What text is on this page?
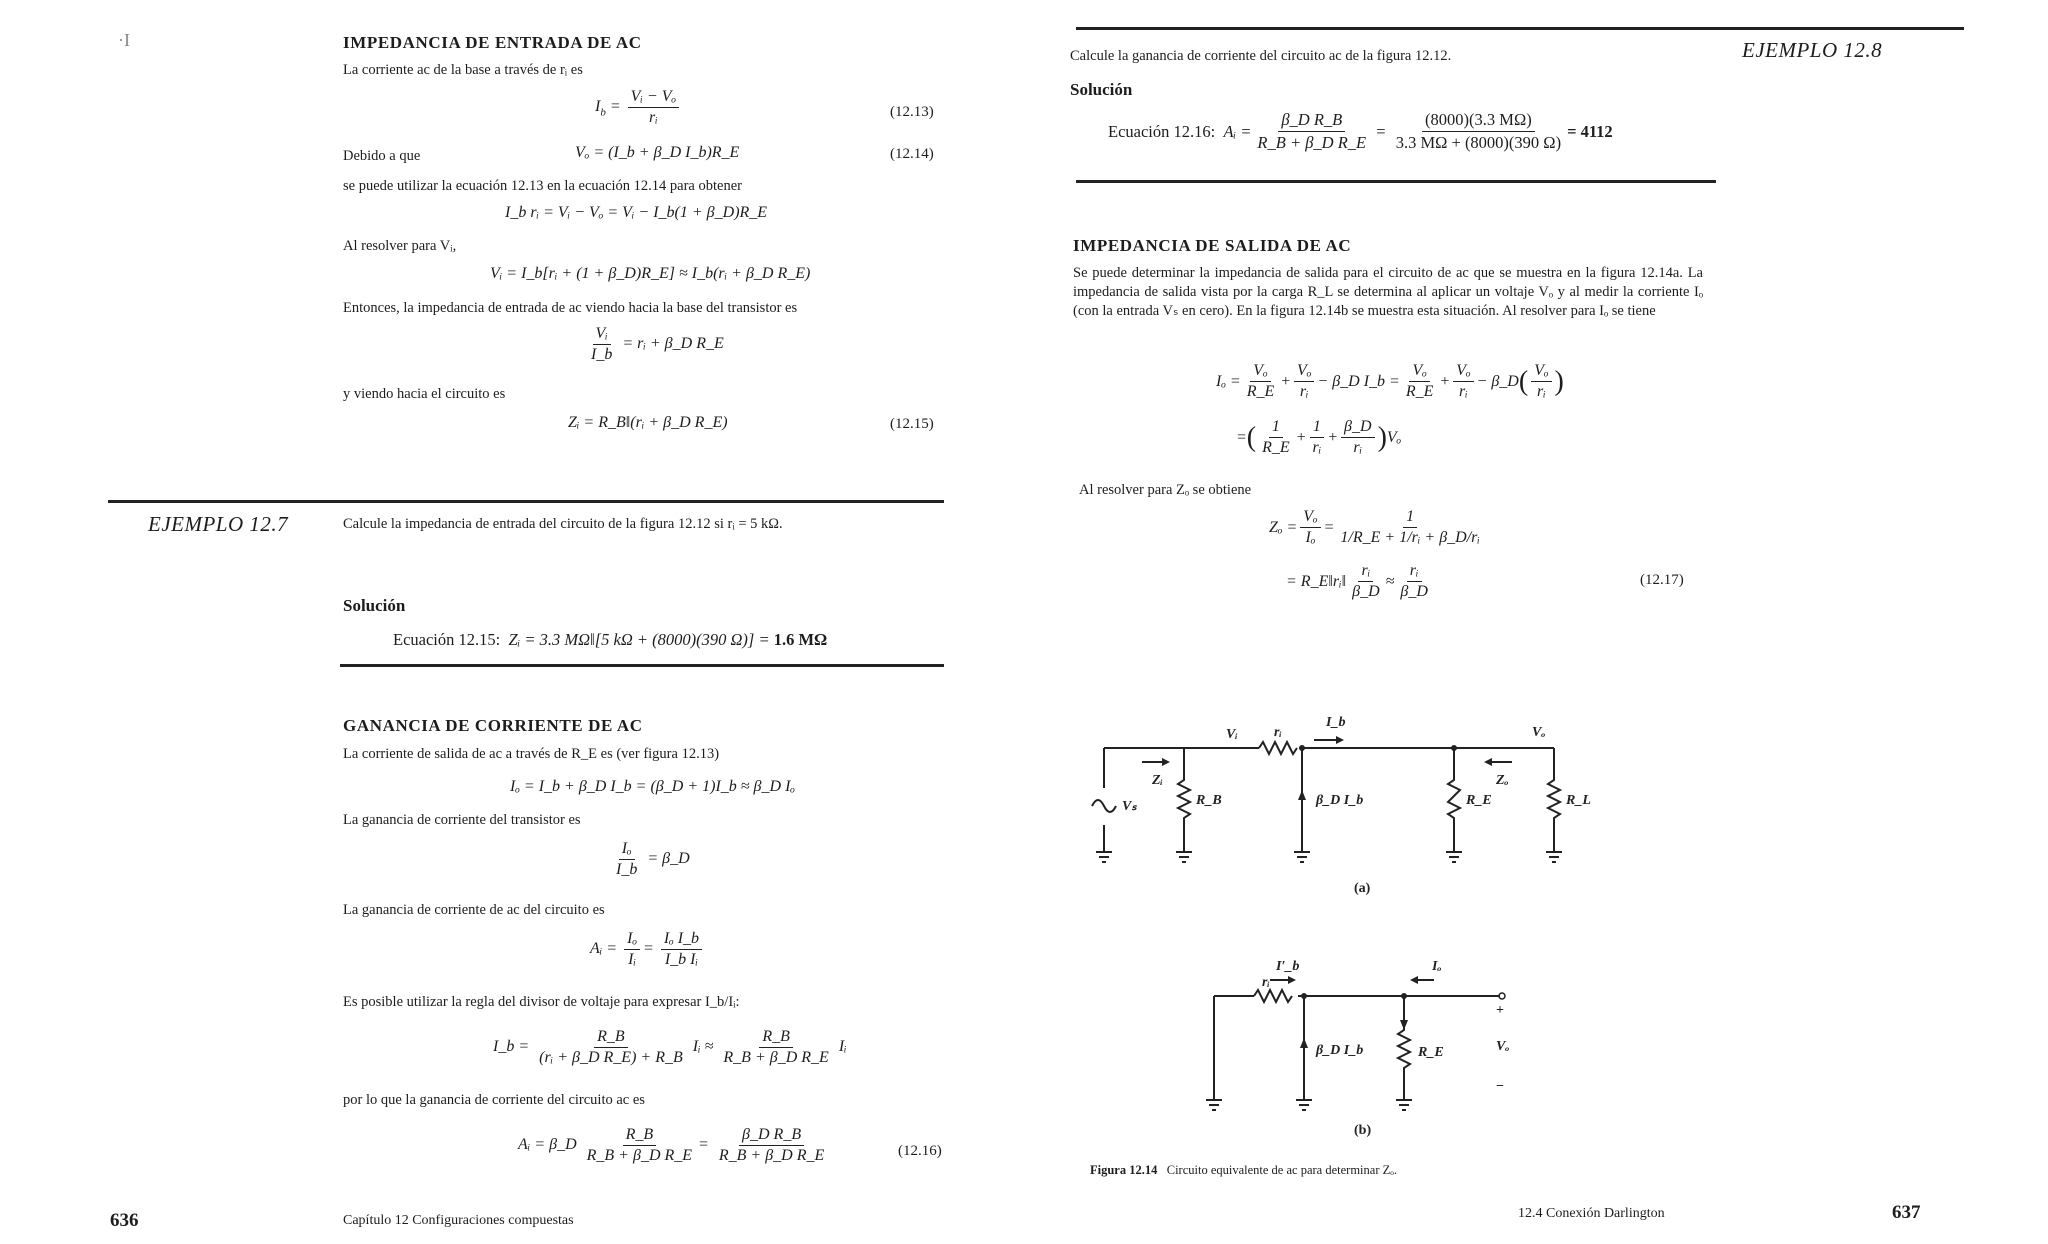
·I	IMPEDANCIA DE ENTRADA DE AC
La corriente ac de la base a través de rᵢ es
$I_b = \frac{\text{Vᵢ − Vₒ}}{\text{rᵢ}}$	(12.13)
Debido a que	Vₒ = (I_b + β_D I_b)R_E	(12.14)
se puede utilizar la ecuación 12.13 en la ecuación 12.14 para obtener
I_b rᵢ = Vᵢ − Vₒ = Vᵢ − I_b(1 + β_D)R_E
Al resolver para Vᵢ,
Vᵢ = I_b[rᵢ + (1 + β_D)R_E] ≈ I_b(rᵢ + β_D R_E)
Entonces, la impedancia de entrada de ac viendo hacia la base del transistor es
$\frac{\text{Vᵢ}}{I\_b}$ = rᵢ + β_D R_E
y viendo hacia el circuito es
Zᵢ = R_B‖(rᵢ + β_D R_E)	(12.15)
EJEMPLO 12.7	Calcule la impedancia de entrada del circuito de la figura 12.12 si rᵢ = 5 kΩ.
Solución
Ecuación 12.15: Zᵢ = 3.3 MΩ‖[5 kΩ + (8000)(390 Ω)] = 1.6 MΩ
GANANCIA DE CORRIENTE DE AC
La corriente de salida de ac a través de R_E es (ver figura 12.13)
Iₒ = I_b + β_D I_b = (β_D + 1)I_b ≈ β_D Iₒ
La ganancia de corriente del transistor es
$\frac{\text{Iₒ}}{I\_b}$ = β_D
La ganancia de corriente de ac del circuito es
Aᵢ = $\frac{\text{Iₒ}}{\text{Iᵢ}} = \frac{\text{Iₒ I\_b}}{\text{I\_b Iᵢ}}$
Es posible utilizar la regla del divisor de voltaje para expresar I_b/Iᵢ:
I_b = $\frac{R\_B}{\text{(rᵢ + β\_D R\_E) + R\_B}}$ Iᵢ ≈ $\frac{R\_B}{\text{R\_B + β\_D R\_E}}$ Iᵢ
por lo que la ganancia de corriente del circuito ac es
Aᵢ = β_D $\frac{R\_B}{\text{R\_B + β\_D R\_E}} = \frac{\text{β\_D R\_B}}{\text{R\_B + β\_D R\_E}}$	(12.16)
636	Capítulo 12 Configuraciones compuestas
Calcule la ganancia de corriente del circuito ac de la figura 12.12.	EJEMPLO 12.8
Solución
Ecuación 12.16:
Aᵢ = $\frac{\text{β\_D R\_B}}{\text{R\_B + β\_D R\_E}} = \frac{(8000)(3.3 M\Omega)}{3.3 M\Omega + (8000)(390 \Omega)} = 4112$
IMPEDANCIA DE SALIDA DE AC
Se puede determinar la impedancia de salida para el circuito de ac que se muestra en la figura 12.14a. La impedancia de salida vista por la carga R_L se determina al aplicar un voltaje Vₒ y al medir la corriente Iₒ (con la entrada Vₛ en cero). En la figura 12.14b se muestra esta situación. Al resolver para Iₒ se tiene
$I_o = \frac{\text{Vₒ}}{R\_E} + \frac{\text{Vₒ}}{\text{rᵢ}}$ − β_D I_b = $\frac{\text{Vₒ}}{R\_E} + \frac{\text{Vₒ}}{\text{rᵢ}}$ − β_D ( $\frac{\text{Vₒ}}{\text{rᵢ}}$ )
= ( $\frac{1}{R\_E} + \frac{1}{\text{rᵢ}} + \frac{\beta\_D}{\text{rᵢ}}$ ) Vₒ
Al resolver para Zₒ se obtiene
$Z_o = \frac{\text{Vₒ}}{\text{Iₒ}} = \frac{1}{\text{1/R\_E + 1/rᵢ + β\_D/rᵢ}}$
= R_E‖rᵢ‖ $\frac{\text{rᵢ}}{\beta\_D} \approx \frac{\text{rᵢ}}{\beta\_D}$	(12.17)
Vᵢ	rᵢ
I_b
Vₒ
Vₛ
Zᵢ
R_B	β_D I_b	R_E
Zₒ
R_L
(a)
rᵢ
I′_b	Iₒ
+
Vₒ
−
β_D I_b	R_E
(b)
Figura 12.14 Circuito equivalente de ac para determinar Zₒ.
12.4 Conexión Darlington	637
